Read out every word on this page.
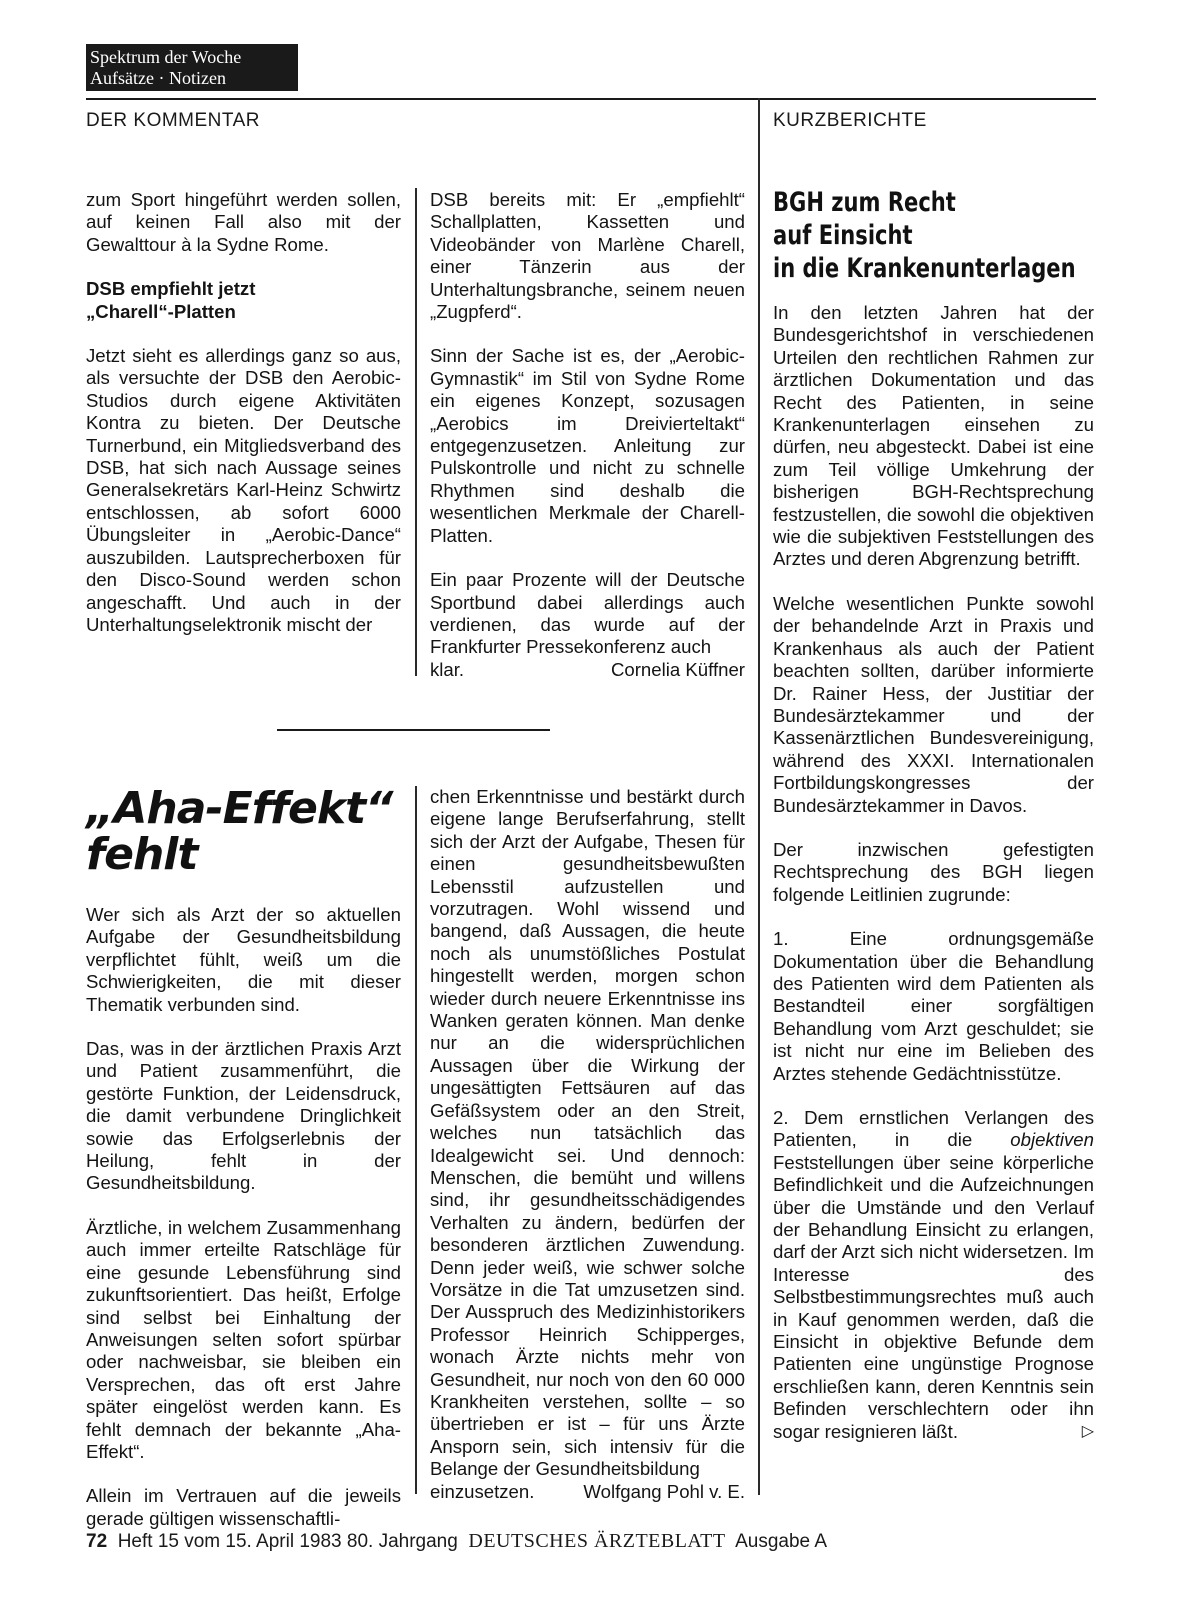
Spektrum der Woche
Aufsätze · Notizen
DER KOMMENTAR	KURZBERICHTE

zum Sport hingeführt werden sollen, auf keinen Fall also mit der Gewalttour à la Sydne Rome.

DSB empfiehlt jetzt
„Charell“-Platten

Jetzt sieht es allerdings ganz so aus, als versuchte der DSB den Aerobic-Studios durch eigene Aktivitäten Kontra zu bieten. Der Deutsche Turnerbund, ein Mitgliedsverband des DSB, hat sich nach Aussage seines Generalsekretärs Karl-Heinz Schwirtz entschlossen, ab sofort 6000 Übungsleiter in „Aerobic-Dance“ auszubilden. Lautsprecherboxen für den Disco-Sound werden schon angeschafft. Und auch in der Unterhaltungselektronik mischt der

DSB bereits mit: Er „empfiehlt“ Schallplatten, Kassetten und Videobänder von Marlène Charell, einer Tänzerin aus der Unterhaltungsbranche, seinem neuen „Zugpferd“.

Sinn der Sache ist es, der „Aerobic-Gymnastik“ im Stil von Sydne Rome ein eigenes Konzept, sozusagen „Aerobics im Dreivierteltakt“ entgegenzusetzen. Anleitung zur Pulskontrolle und nicht zu schnelle Rhythmen sind deshalb die wesentlichen Merkmale der Charell-Platten.

Ein paar Prozente will der Deutsche Sportbund dabei allerdings auch verdienen, das wurde auf der Frankfurter Pressekonferenz auch

klar.	Cornelia Küffner
„Aha-Effekt“
fehlt

Wer sich als Arzt der so aktuellen Aufgabe der Gesundheitsbildung verpflichtet fühlt, weiß um die Schwierigkeiten, die mit dieser Thematik verbunden sind.

Das, was in der ärztlichen Praxis Arzt und Patient zusammenführt, die gestörte Funktion, der Leidensdruck, die damit verbundene Dringlichkeit sowie das Erfolgserlebnis der Heilung, fehlt in der Gesundheitsbildung.

Ärztliche, in welchem Zusammenhang auch immer erteilte Ratschläge für eine gesunde Lebensführung sind zukunftsorientiert. Das heißt, Erfolge sind selbst bei Einhaltung der Anweisungen selten sofort spürbar oder nachweisbar, sie bleiben ein Versprechen, das oft erst Jahre später eingelöst werden kann. Es fehlt demnach der bekannte „Aha-Effekt“.

Allein im Vertrauen auf die jeweils gerade gültigen wissenschaftli-

chen Erkenntnisse und bestärkt durch eigene lange Berufserfahrung, stellt sich der Arzt der Aufgabe, Thesen für einen gesundheitsbewußten Lebensstil aufzustellen und vorzutragen. Wohl wissend und bangend, daß Aussagen, die heute noch als unumstößliches Postulat hingestellt werden, morgen schon wieder durch neuere Erkenntnisse ins Wanken geraten können. Man denke nur an die widersprüchlichen Aussagen über die Wirkung der ungesättigten Fettsäuren auf das Gefäßsystem oder an den Streit, welches nun tatsächlich das Idealgewicht sei. Und dennoch: Menschen, die bemüht und willens sind, ihr gesundheitsschädigendes Verhalten zu ändern, bedürfen der besonderen ärztlichen Zuwendung. Denn jeder weiß, wie schwer solche Vorsätze in die Tat umzusetzen sind. Der Ausspruch des Medizinhistorikers Professor Heinrich Schipperges, wonach Ärzte nichts mehr von Gesundheit, nur noch von den 60 000 Krankheiten verstehen, sollte – so übertrieben er ist – für uns Ärzte Ansporn sein, sich intensiv für die Belange der Gesundheitsbildung

einzusetzen.	Wolfgang Pohl v. E.
BGH zum Recht
auf Einsicht
in die Krankenunterlagen

In den letzten Jahren hat der Bundesgerichtshof in verschiedenen Urteilen den rechtlichen Rahmen zur ärztlichen Dokumentation und das Recht des Patienten, in seine Krankenunterlagen einsehen zu dürfen, neu abgesteckt. Dabei ist eine zum Teil völlige Umkehrung der bisherigen BGH-Rechtsprechung festzustellen, die sowohl die objektiven wie die subjektiven Feststellungen des Arztes und deren Abgrenzung betrifft.

Welche wesentlichen Punkte sowohl der behandelnde Arzt in Praxis und Krankenhaus als auch der Patient beachten sollten, darüber informierte Dr. Rainer Hess, der Justitiar der Bundesärztekammer und der Kassenärztlichen Bundesvereinigung, während des XXXI. Internationalen Fortbildungskongresses der Bundesärztekammer in Davos.

Der inzwischen gefestigten Rechtsprechung des BGH liegen folgende Leitlinien zugrunde:

1. Eine ordnungsgemäße Dokumentation über die Behandlung des Patienten wird dem Patienten als Bestandteil einer sorgfältigen Behandlung vom Arzt geschuldet; sie ist nicht nur eine im Belieben des Arztes stehende Gedächtnisstütze.

2. Dem ernstlichen Verlangen des Patienten, in die objektiven Feststellungen über seine körperliche Befindlichkeit und die Aufzeichnungen über die Umstände und den Verlauf der Behandlung Einsicht zu erlangen, darf der Arzt sich nicht widersetzen. Im Interesse des Selbstbestimmungsrechtes muß auch in Kauf genommen werden, daß die Einsicht in objektive Befunde dem Patienten eine ungünstige Prognose erschließen kann, deren Kenntnis sein Befinden verschlechtern oder ihn sogar resignieren läßt.	▷

72 Heft 15 vom 15. April 1983 80. Jahrgang DEUTSCHES ÄRZTEBLATT Ausgabe A
